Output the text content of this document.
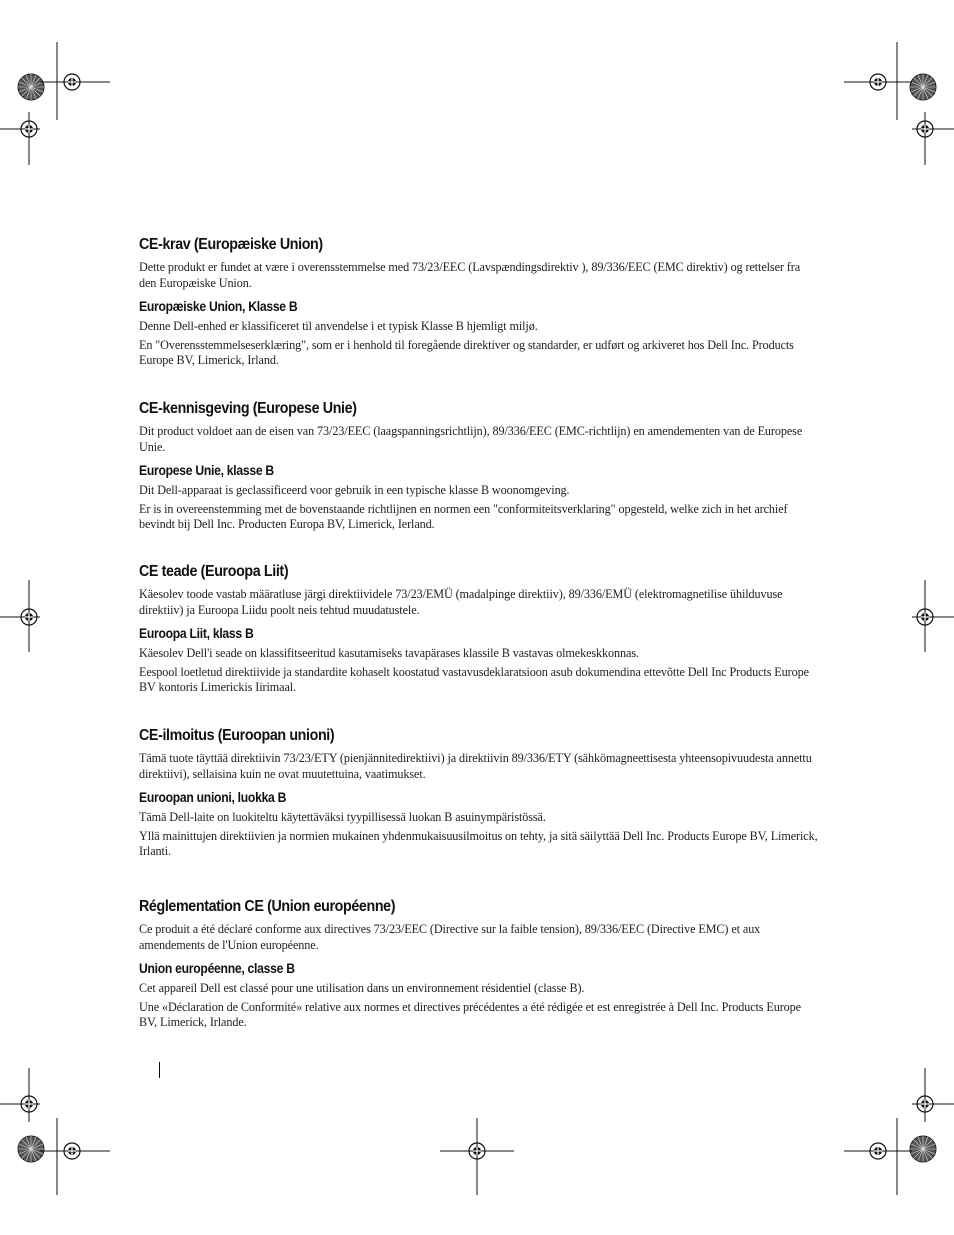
CE-krav (Europæiske Union)

Dette produkt er fundet at være i overensstemmelse med 73/23/EEC (Lavspændingsdirektiv ), 89/336/EEC (EMC direktiv) og rettelser fra den Europæiske Union.

Europæiske Union, Klasse B

Denne Dell-enhed er klassificeret til anvendelse i et typisk Klasse B hjemligt miljø.

En "Overensstemmelseserklæring", som er i henhold til foregående direktiver og standarder, er udført og arkiveret hos Dell Inc. Products Europe BV, Limerick, Irland.

CE-kennisgeving (Europese Unie)

Dit product voldoet aan de eisen van 73/23/EEC (laagspanningsrichtlijn), 89/336/EEC (EMC-richtlijn) en amendementen van de Europese Unie.

Europese Unie, klasse B

Dit Dell-apparaat is geclassificeerd voor gebruik in een typische klasse B woonomgeving.

Er is in overeenstemming met de bovenstaande richtlijnen en normen een "conformiteitsverklaring" opgesteld, welke zich in het archief bevindt bij Dell Inc. Producten Europa BV, Limerick, Ierland.

CE teade (Euroopa Liit)

Käesolev toode vastab määratluse järgi direktiividele 73/23/EMÜ (madalpinge direktiiv), 89/336/EMÜ (elektromagnetilise ühilduvuse direktiiv) ja Euroopa Liidu poolt neis tehtud muudatustele.

Euroopa Liit, klass B

Käesolev Dell'i seade on klassifitseeritud kasutamiseks tavapärases klassile B vastavas olmekeskkonnas.

Eespool loetletud direktiivide ja standardite kohaselt koostatud vastavusdeklaratsioon asub dokumendina ettevõtte Dell Inc Products Europe BV kontoris Limerickis Iirimaal.

CE-ilmoitus (Euroopan unioni)

Tämä tuote täyttää direktiivin 73/23/ETY (pienjännitedirektiivi) ja direktiivin 89/336/ETY (sähkömagneettisesta yhteensopivuudesta annettu direktiivi), sellaisina kuin ne ovat muutettuina, vaatimukset.

Euroopan unioni, luokka B

Tämä Dell-laite on luokiteltu käytettäväksi tyypillisessä luokan B asuinympäristössä.

Yllä mainittujen direktiivien ja normien mukainen yhdenmukaisuusilmoitus on tehty, ja sitä säilyttää Dell Inc. Products Europe BV, Limerick, Irlanti.

Réglementation CE (Union européenne)

Ce produit a été déclaré conforme aux directives 73/23/EEC (Directive sur la faible tension), 89/336/EEC (Directive EMC) et aux amendements de l'Union européenne.

Union européenne, classe B

Cet appareil Dell est classé pour une utilisation dans un environnement résidentiel (classe B).

Une «Déclaration de Conformité» relative aux normes et directives précédentes a été rédigée et est enregistrée à Dell Inc. Products Europe BV, Limerick, Irlande.
